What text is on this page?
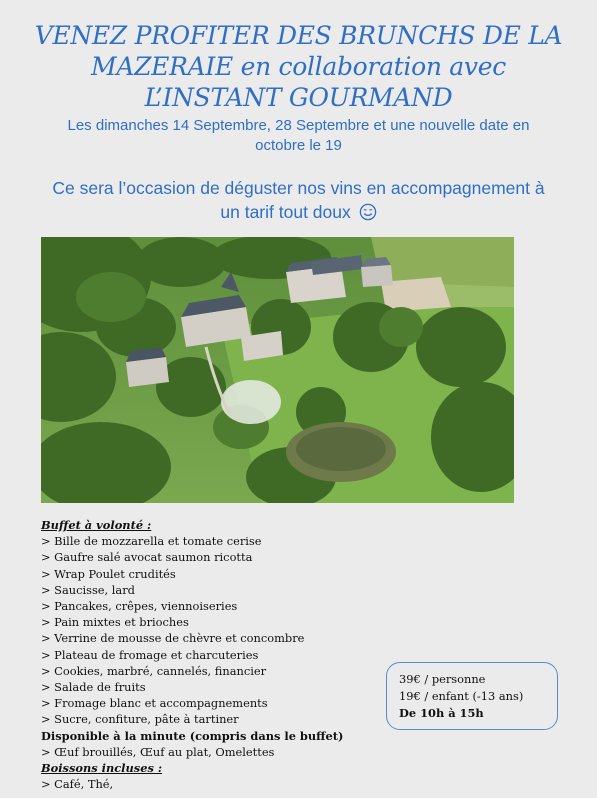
VENEZ PROFITER DES BRUNCHS DE LA
MAZERAIE en collaboration avec
L’INSTANT GOURMAND
Les dimanches 14 Septembre, 28 Septembre et une nouvelle date en
octobre le 19
Ce sera l’occasion de déguster nos vins en accompagnement à
un tarif tout doux
Buffet à volonté :
> Bille de mozzarella et tomate cerise
> Gaufre salé avocat saumon ricotta
> Wrap Poulet crudités
> Saucisse, lard
> Pancakes, crêpes, viennoiseries
> Pain mixtes et brioches
> Verrine de mousse de chèvre et concombre
> Plateau de fromage et charcuteries
> Cookies, marbré, cannelés, financier
> Salade de fruits
> Fromage blanc et accompagnements
> Sucre, confiture, pâte à tartiner
Disponible à la minute (compris dans le buffet)
> Œuf brouillés, Œuf au plat, Omelettes
Boissons incluses :
> Café, Thé,
39€ / personne
19€ / enfant (-13 ans)
De 10h à 15h
